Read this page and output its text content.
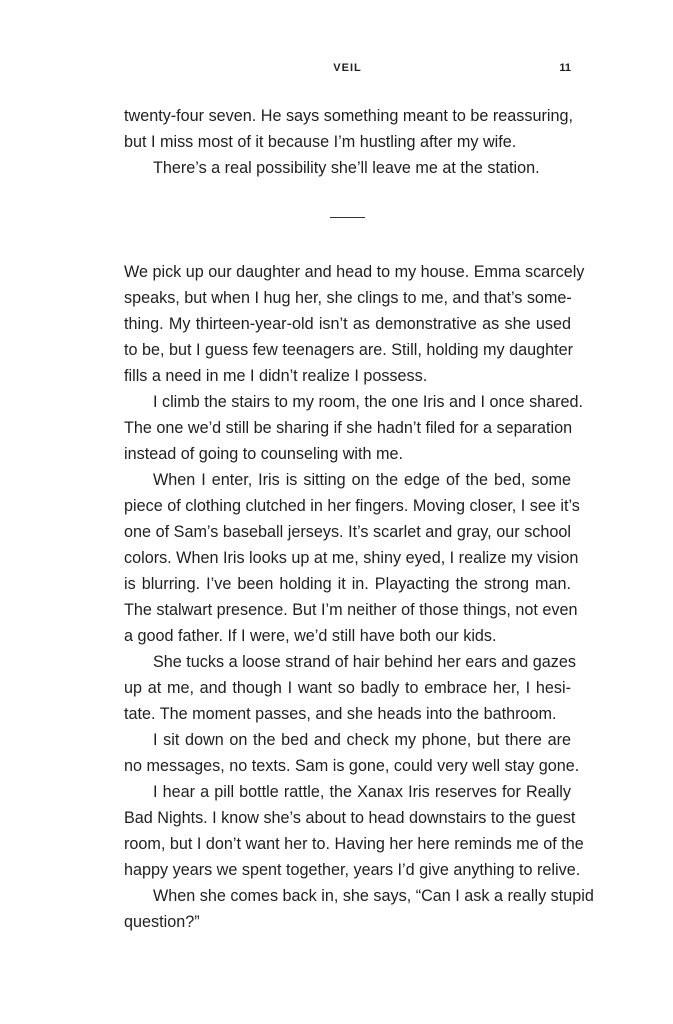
VEIL	11
twenty-four seven. He says something meant to be reassuring,
but I miss most of it because I’m hustling after my wife.
There’s a real possibility she’ll leave me at the station.
We pick up our daughter and head to my house. Emma scarcely
speaks, but when I hug her, she clings to me, and that’s some-
thing. My thirteen-year-old isn’t as demonstrative as she used
to be, but I guess few teenagers are. Still, holding my daughter
fills a need in me I didn’t realize I possess.
I climb the stairs to my room, the one Iris and I once shared.
The one we’d still be sharing if she hadn’t filed for a separation
instead of going to counseling with me.
When I enter, Iris is sitting on the edge of the bed, some
piece of clothing clutched in her fingers. Moving closer, I see it’s
one of Sam’s baseball jerseys. It’s scarlet and gray, our school
colors. When Iris looks up at me, shiny eyed, I realize my vision
is blurring. I’ve been holding it in. Playacting the strong man.
The stalwart presence. But I’m neither of those things, not even
a good father. If I were, we’d still have both our kids.
She tucks a loose strand of hair behind her ears and gazes
up at me, and though I want so badly to embrace her, I hesi-
tate. The moment passes, and she heads into the bathroom.
I sit down on the bed and check my phone, but there are
no messages, no texts. Sam is gone, could very well stay gone.
I hear a pill bottle rattle, the Xanax Iris reserves for Really
Bad Nights. I know she’s about to head downstairs to the guest
room, but I don’t want her to. Having her here reminds me of the
happy years we spent together, years I’d give anything to relive.
When she comes back in, she says, “Can I ask a really stupid
question?”
